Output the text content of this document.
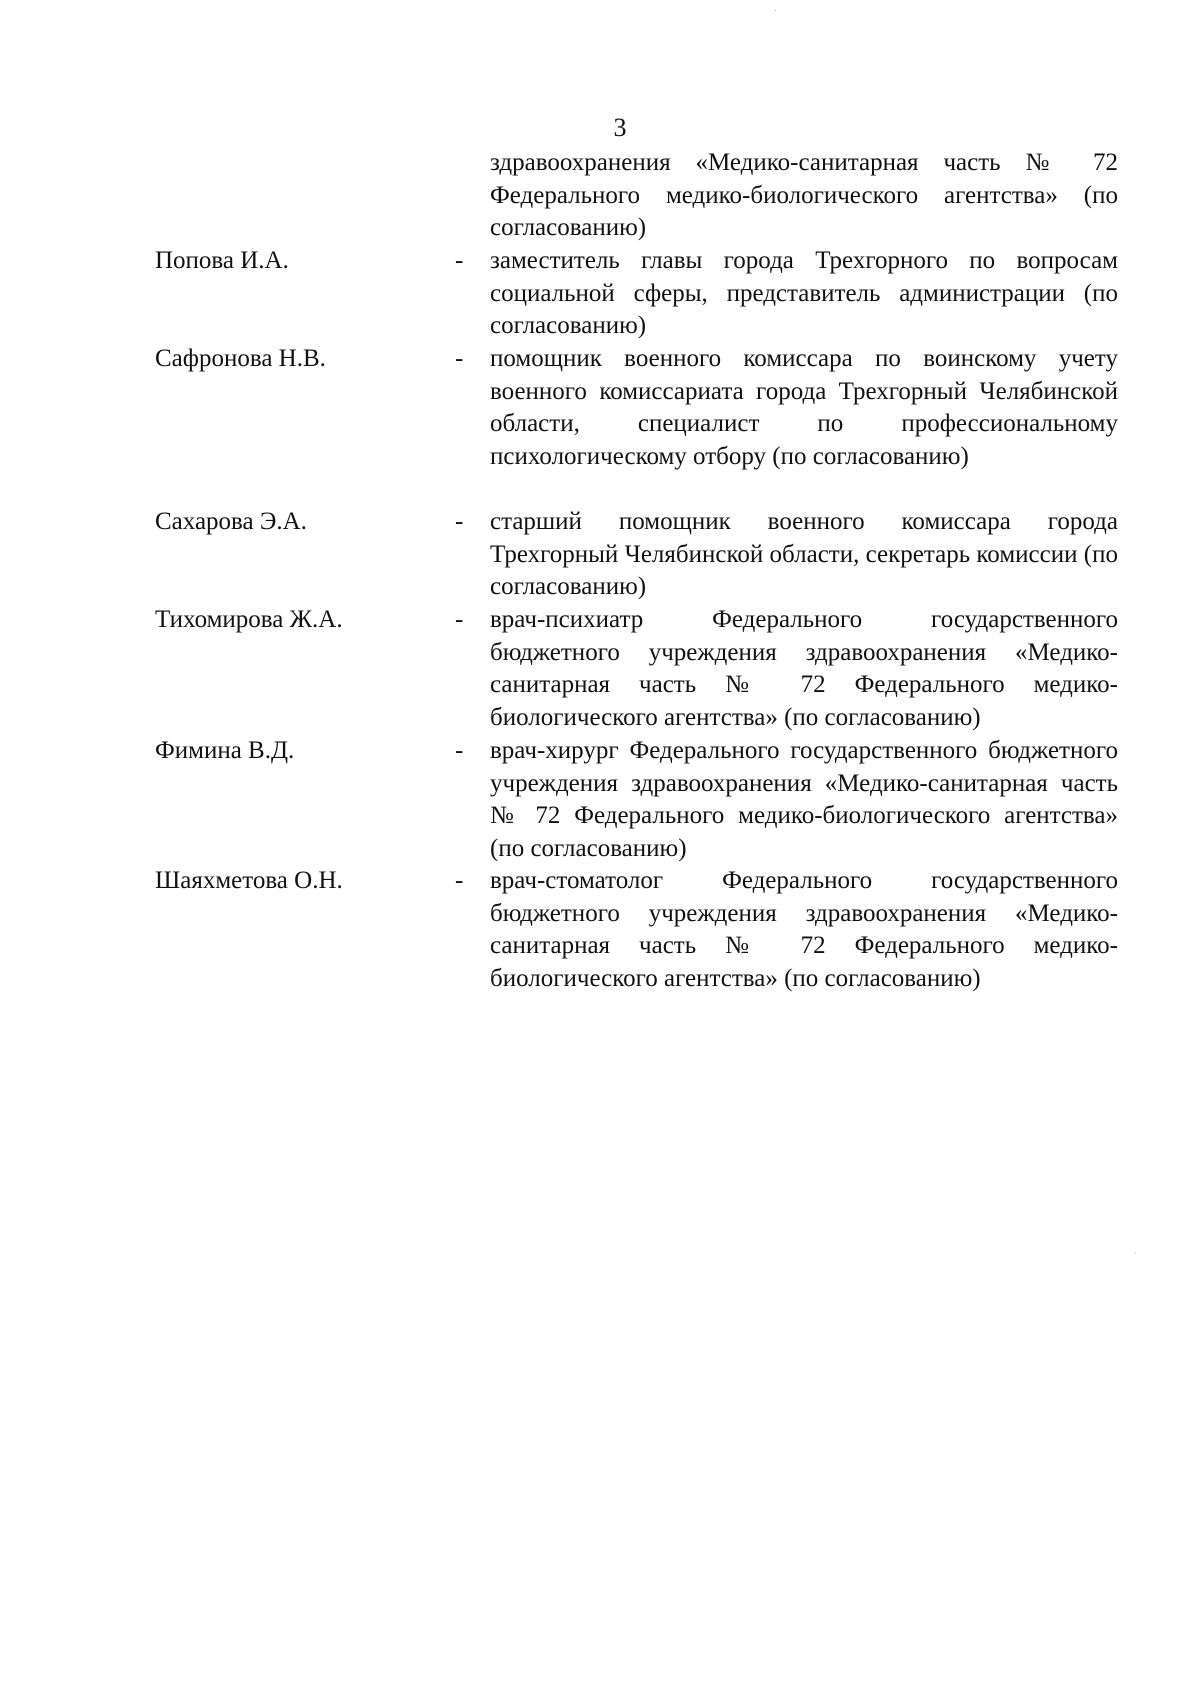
3
здравоохранения «Медико-санитарная часть № 72 Федерального медико-биологического агентства» (по согласованию)
Попова И.А.	- заместитель главы города Трехгорного по вопросам социальной сферы, представитель администрации (по согласованию)
Сафронова Н.В.	- помощник военного комиссара по воинскому учету военного комиссариата города Трехгорный Челябинской области, специалист по профессиональному психологическому отбору (по согласованию)
Сахарова Э.А.	- старший помощник военного комиссара города Трехгорный Челябинской области, секретарь комиссии (по согласованию)
Тихомирова Ж.А.	- врач-психиатр Федерального государственного бюджетного учреждения здравоохранения «Медико-санитарная часть № 72 Федерального медико-биологического агентства» (по согласованию)
Фимина В.Д.	- врач-хирург Федерального государственного бюджетного учреждения здравоохранения «Медико-санитарная часть № 72 Федерального медико-биологического агентства» (по согласованию)
Шаяхметова О.Н.	- врач-стоматолог Федерального государственного бюджетного учреждения здравоохранения «Медико-санитарная часть № 72 Федерального медико-биологического агентства» (по согласованию)
